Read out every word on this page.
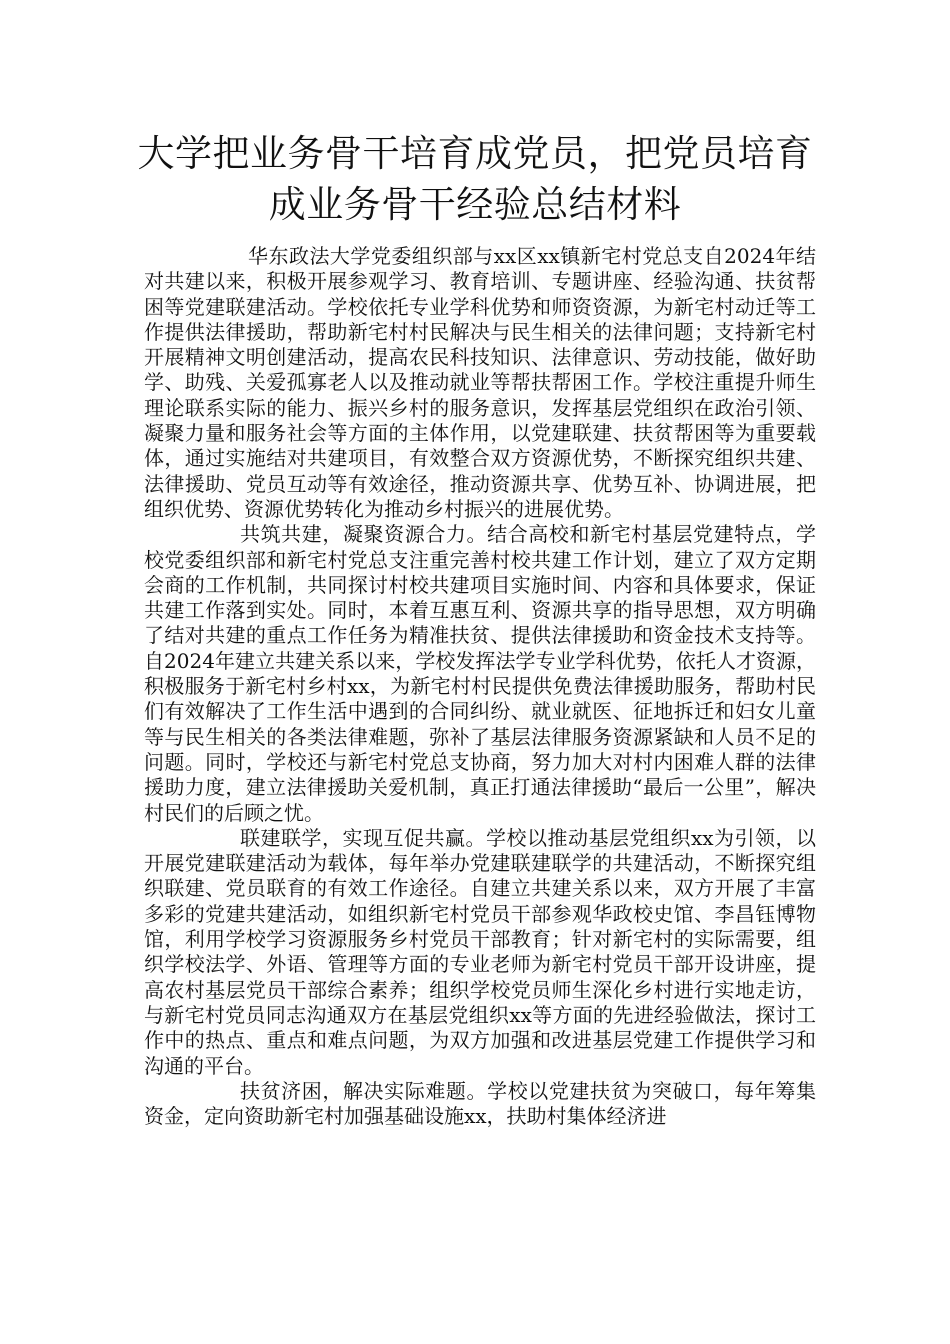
大学把业务骨干培育成党员，把党员培育
成业务骨干经验总结材料

华东政法大学党委组织部与xx区xx镇新宅村党总支自2024年结对共建以来，积极开展参观学习、教育培训、专题讲座、经验沟通、扶贫帮困等党建联建活动。学校依托专业学科优势和师资资源，为新宅村动迁等工作提供法律援助，帮助新宅村村民解决与民生相关的法律问题；支持新宅村开展精神文明创建活动，提高农民科技知识、法律意识、劳动技能，做好助学、助残、关爱孤寡老人以及推动就业等帮扶帮困工作。学校注重提升师生理论联系实际的能力、振兴乡村的服务意识，发挥基层党组织在政治引领、凝聚力量和服务社会等方面的主体作用，以党建联建、扶贫帮困等为重要载体，通过实施结对共建项目，有效整合双方资源优势，不断探究组织共建、法律援助、党员互动等有效途径，推动资源共享、优势互补、协调进展，把组织优势、资源优势转化为推动乡村振兴的进展优势。

共筑共建，凝聚资源合力。结合高校和新宅村基层党建特点，学校党委组织部和新宅村党总支注重完善村校共建工作计划，建立了双方定期会商的工作机制，共同探讨村校共建项目实施时间、内容和具体要求，保证共建工作落到实处。同时，本着互惠互利、资源共享的指导思想，双方明确了结对共建的重点工作任务为精准扶贫、提供法律援助和资金技术支持等。自2024年建立共建关系以来，学校发挥法学专业学科优势，依托人才资源，积极服务于新宅村乡村xx，为新宅村村民提供免费法律援助服务，帮助村民们有效解决了工作生活中遇到的合同纠纷、就业就医、征地拆迁和妇女儿童等与民生相关的各类法律难题，弥补了基层法律服务资源紧缺和人员不足的问题。同时，学校还与新宅村党总支协商，努力加大对村内困难人群的法律援助力度，建立法律援助关爱机制，真正打通法律援助“最后一公里”，解决村民们的后顾之忧。

联建联学，实现互促共赢。学校以推动基层党组织xx为引领，以开展党建联建活动为载体，每年举办党建联建联学的共建活动，不断探究组织联建、党员联育的有效工作途径。自建立共建关系以来，双方开展了丰富多彩的党建共建活动，如组织新宅村党员干部参观华政校史馆、李昌钰博物馆，利用学校学习资源服务乡村党员干部教育；针对新宅村的实际需要，组织学校法学、外语、管理等方面的专业老师为新宅村党员干部开设讲座，提高农村基层党员干部综合素养；组织学校党员师生深化乡村进行实地走访，与新宅村党员同志沟通双方在基层党组织xx等方面的先进经验做法，探讨工作中的热点、重点和难点问题，为双方加强和改进基层党建工作提供学习和沟通的平台。

扶贫济困，解决实际难题。学校以党建扶贫为突破口，每年筹集资金，定向资助新宅村加强基础设施xx，扶助村集体经济进
